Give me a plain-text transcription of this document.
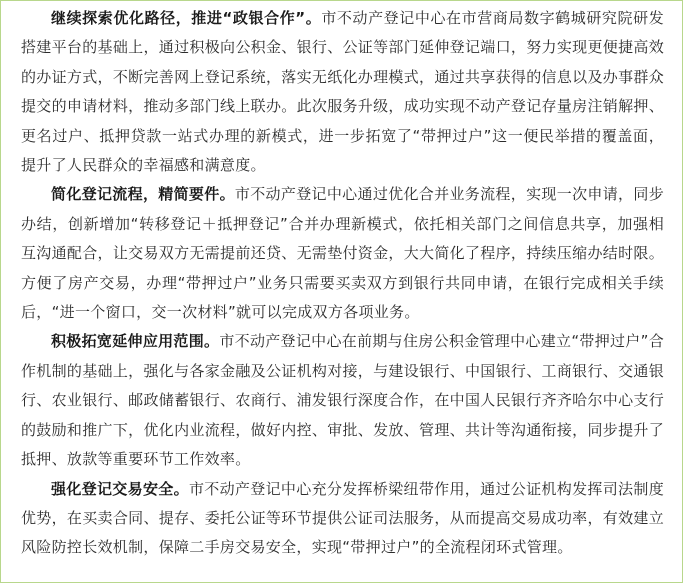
继续探索优化路径，推进“政银合作”。市不动产登记中心在市营商局数字鹤城研究院研发搭建平台的基础上，通过积极向公积金、银行、公证等部门延伸登记端口，努力实现更便捷高效的办证方式，不断完善网上登记系统，落实无纸化办理模式，通过共享获得的信息以及办事群众提交的申请材料，推动多部门线上联办。此次服务升级，成功实现不动产登记存量房注销解押、更名过户、抵押贷款一站式办理的新模式，进一步拓宽了“带押过户”这一便民举措的覆盖面，提升了人民群众的幸福感和满意度。

简化登记流程，精简要件。市不动产登记中心通过优化合并业务流程，实现一次申请，同步办结，创新增加“转移登记＋抵押登记”合并办理新模式，依托相关部门之间信息共享，加强相互沟通配合，让交易双方无需提前还贷、无需垫付资金，大大简化了程序，持续压缩办结时限。方便了房产交易，办理“带押过户”业务只需要买卖双方到银行共同申请，在银行完成相关手续后，“进一个窗口，交一次材料”就可以完成双方各项业务。

积极拓宽延伸应用范围。市不动产登记中心在前期与住房公积金管理中心建立“带押过户”合作机制的基础上，强化与各家金融及公证机构对接，与建设银行、中国银行、工商银行、交通银行、农业银行、邮政储蓄银行、农商行、浦发银行深度合作，在中国人民银行齐齐哈尔中心支行的鼓励和推广下，优化内业流程，做好内控、审批、发放、管理、共计等沟通衔接，同步提升了抵押、放款等重要环节工作效率。

强化登记交易安全。市不动产登记中心充分发挥桥梁纽带作用，通过公证机构发挥司法制度优势，在买卖合同、提存、委托公证等环节提供公证司法服务，从而提高交易成功率，有效建立风险防控长效机制，保障二手房交易安全，实现“带押过户”的全流程闭环式管理。
